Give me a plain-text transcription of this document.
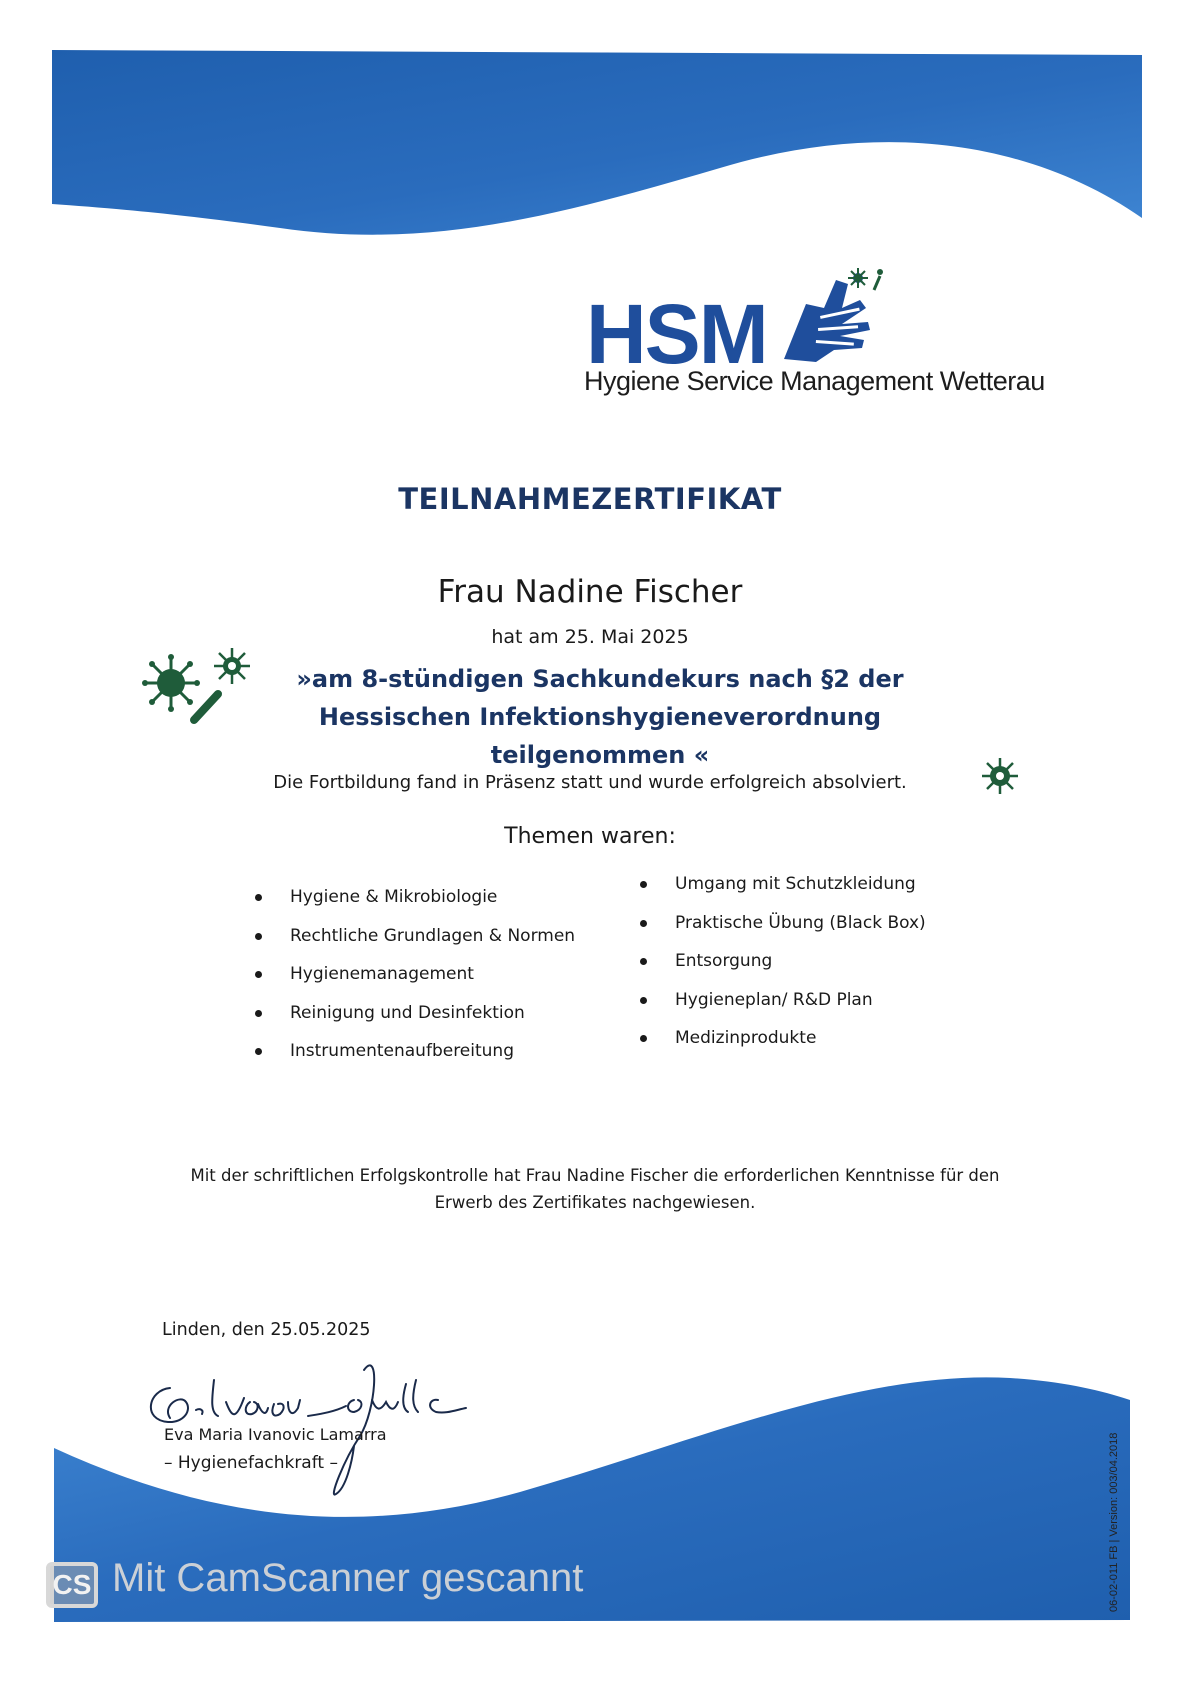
HSM
Hygiene Service Management Wetterau
TEILNAHMEZERTIFIKAT
Frau Nadine Fischer
hat am 25. Mai 2025
»am 8-stündigen Sachkundekurs nach §2 der
Hessischen Infektionshygieneverordnung teilgenommen «
Die Fortbildung fand in Präsenz statt und wurde erfolgreich absolviert.
Themen waren:
Hygiene & Mikrobiologie
Rechtliche Grundlagen & Normen
Hygienemanagement
Reinigung und Desinfektion
Instrumentenaufbereitung
Umgang mit Schutzkleidung
Praktische Übung (Black Box)
Entsorgung
Hygieneplan/ R&D Plan
Medizinprodukte
Mit der schriftlichen Erfolgskontrolle hat Frau Nadine Fischer die erforderlichen Kenntnisse für den
Erwerb des Zertifikates nachgewiesen.
Linden, den 25.05.2025
Eva Maria Ivanovic Lamarra
– Hygienefachkraft –	06-02-011 FB | Version: 003/04.2018
CS Mit CamScanner gescannt
